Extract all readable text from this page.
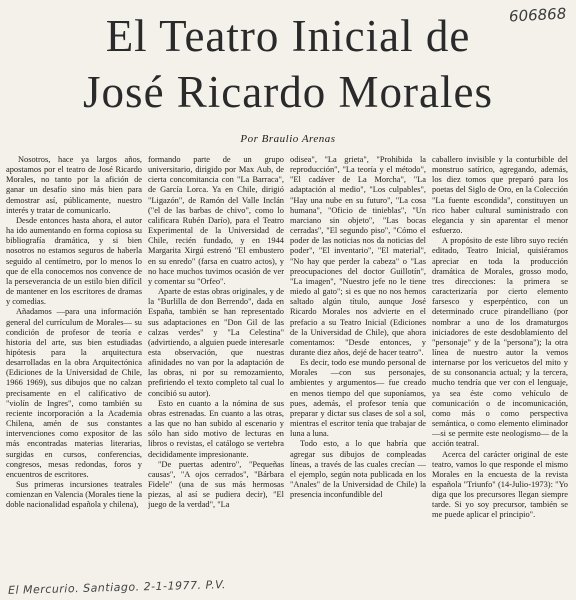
606868
El Teatro Inicial de
José Ricardo Morales
Por Braulio Arenas

Nosotros, hace ya largos años, apostamos por el teatro de José Ricardo Morales, no tanto por la afición de ganar un desafío sino más bien para demostrar así, públicamente, nuestro interés y tratar de comunicarlo.

Desde entonces hasta ahora, el autor ha ido aumentando en forma copiosa su bibliografía dramática, y si bien nosotros no estamos seguros de haberla seguido al centímetro, por lo menos lo que de ella conocemos nos convence de la perseverancia de un estilo bien difícil de mantener en los escritores de dramas y comedias.

Añadamos —para una información general del currículum de Morales— su condición de profesor de teoría e historia del arte, sus bien estudiadas hipótesis para la arquitectura desarrolladas en la obra Arquitectónica (Ediciones de la Universidad de Chile, 1966 1969), sus dibujos que no calzan precisamente en el calificativo de "violín de Ingres", como también su reciente incorporación a la Academia Chilena, amén de sus constantes intervenciones como expositor de las más encontradas materias literarias, surgidas en cursos, conferencias, congresos, mesas redondas, foros y encuentros de escritores.

Sus primeras incursiones teatrales comienzan en Valencia (Morales tiene la doble nacionalidad española y chilena),

formando parte de un grupo universitario, dirigido por Max Aub, de cierta concomitancia con "La Barraca", de García Lorca. Ya en Chile, dirigió "Ligazón", de Ramón del Valle Inclán ("el de las barbas de chivo", como lo calificara Rubén Darío), para el Teatro Experimental de la Universidad de Chile, recién fundado, y en 1944 Margarita Xirgú estrenó "El embustero en su enredo" (farsa en cuatro actos), y no hace muchos tuvimos ocasión de ver y comentar su "Orfeo".

Aparte de estas obras originales, y de la "Burlilla de don Berrendo", dada en España, también se han representado sus adaptaciones en "Don Gil de las calzas verdes" y "La Celestina" (advirtiendo, a alguien puede interesarle esta observación, que nuestras afinidades no van por la adaptación de las obras, ni por su remozamiento, prefiriendo el texto completo tal cual lo concibió su autor).

Esto en cuanto a la nómina de sus obras estrenadas. En cuanto a las otras, a las que no han subido al escenario y sólo han sido motivo de lecturas en libros o revistas, el catálogo se vertebra decididamente impresionante.

"De puertas adentro", "Pequeñas causas", "A ojos cerrados", "Bárbara Fidele" (una de sus más hermosas piezas, al así se pudiera decir), "El juego de la verdad", "La

odisea", "La grieta", "Prohibida la reproducción", "La teoría y el método", "El cadáver de La Morcha", "La adaptación al medio", "Los culpables", "Hay una nube en su futuro", "La cosa humana", "Oficio de tinieblas", "Un marciano sin objeto", "Las bocas cerradas", "El segundo piso", "Cómo el poder de las noticias nos da noticias del poder", "El inventario", "El material", "No hay que perder la cabeza" o "Las preocupaciones del doctor Guillotín", "La imagen", "Nuestro jefe no le tiene miedo al gato"; si es que no nos hemos saltado algún título, aunque José Ricardo Morales nos advierte en el prefacio a su Teatro Inicial (Ediciones de la Universidad de Chile), que ahora comentamos: "Desde entonces, y durante diez años, dejé de hacer teatro".

Es decir, todo ese mundo personal de Morales —con sus personajes, ambientes y argumentos— fue creado en menos tiempo del que suponíamos, pues, además, el profesor tenía que preparar y dictar sus clases de sol a sol, mientras el escritor tenía que trabajar de luna a luna.

Todo esto, a lo que habría que agregar sus dibujos de compleadas líneas, a través de las cuales crecían —el ejemplo, según nota publicada en los "Anales" de la Universidad de Chile) la presencia inconfundible del

caballero invisible y la conturbible del monstruo satírico, agregando, además, los diez tomos que preparó para los poetas del Siglo de Oro, en la Colección "La fuente escondida", constituyen un rico haber cultural suministrado con elegancia y sin aparentar el menor esfuerzo.

A propósito de este libro suyo recién editado, Teatro Inicial, quisiéramos apreciar en toda la producción dramática de Morales, grosso modo, tres direcciones: la primera se caracterizaría por cierto elemento farsesco y esperpéntico, con un determinado cruce pirandelliano (por nombrar a uno de los dramaturgos iniciadores de este desdoblamiento del "personaje" y de la "persona"); la otra línea de nuestro autor la vemos internarse por los vericuetos del mito y de su consonancia actual; y la tercera, mucho tendría que ver con el lenguaje, ya sea éste como vehículo de comunicación o de incomunicación, como más o como perspectiva semántica, o como elemento eliminador —si se permite este neologismo— de la acción teatral.

Acerca del carácter original de este teatro, vamos lo que responde el mismo Morales en la encuesta de la revista española "Triunfo" (14-Julio-1973): "Yo diga que los precursores llegan siempre tarde. Si yo soy precursor, también se me puede aplicar el principio".

El Mercurio. Santiago. 2-1-1977. P.V.
